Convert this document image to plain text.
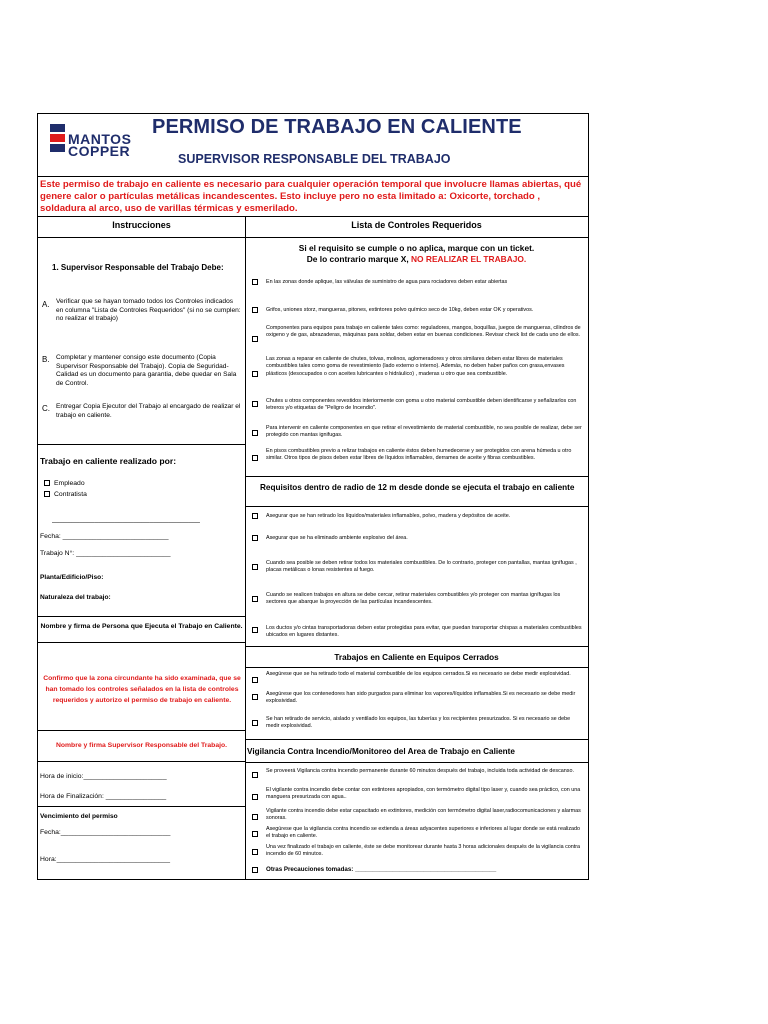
MANTOS
COPPER
PERMISO DE TRABAJO EN CALIENTE
SUPERVISOR RESPONSABLE DEL TRABAJO
Este permiso de trabajo en caliente es necesario para cualquier operación temporal que involucre llamas abiertas, qué genere calor o partículas metálicas incandescentes. Esto incluye pero no esta limitado a: Oxicorte, torchado , soldadura al arco, uso de varillas térmicas y esmerilado.
Instrucciones	Lista de Controles Requeridos
1. Supervisor Responsable del Trabajo Debe:
A. Verificar que se hayan tomado todos los Controles indicados en columna "Lista de Controles Requeridos" (si no se cumplen: no realizar el trabajo)
B. Completar y mantener consigo este documento (Copia Supervisor Responsable del Trabajo). Copia de Seguridad-Calidad es un documento para garantia, debe quedar en Sala de Control.
C. Entregar Copia Ejecutor del Trabajo al encargado de realizar el trabajo en caliente.
Trabajo en caliente realizado por:
Empleado
Contratista
______________________________________
Fecha: ____________________________
Trabajo N°: _________________________
Planta/Edificio/Piso:
Naturaleza del trabajo:
Nombre y firma de Persona que Ejecuta el Trabajo en Caliente.
Confirmo que la zona circundante ha sido examinada, que se han tomado los controles señalados en la lista de controles requeridos y autorizo el permiso de trabajo en caliente.
Nombre y firma Supervisor Responsable del Trabajo.
Hora de inicio:______________________
Hora de Finalización: ________________
Vencimiento del permiso
Fecha:_____________________________
Hora:______________________________
Si el requisito se cumple o no aplica, marque con un ticket.
De lo contrario marque X, NO REALIZAR EL TRABAJO.
En las zonas donde aplique, las válvulas de suministro de agua para rociadores deben estar abiertas
Grifos, uniones storz, mangueras, pitones, extintores polvo químico seco de 10kg, deben estar OK y operativos.
Componentes para equipos para trabajo en caliente tales como: reguladores, mangos, boquillas, juegos de mangueras, cilindros de oxigeno y de gas, abrazaderas, máquinas para soldar, deben estar en buenas condiciones. Revisar check list de cada uno de ellos.
Las zonas a reparar en caliente de chutes, tolvas, molinos, aglomeradores y otros similares deben estar libres de materiales combustibles tales como goma de revestimiento (lado externo o interno). Además, no deben haber paños con grasa,envases plásticos (desocupados o con aceites lubricantes o hidráulico) , maderas u otro que sea combustible.
Chutes u otros componentes revestidos interiormente con goma u otro material combustible deben identificarse y señalizarlos con letreros y/o etiquetas de "Peligro de Incendio".
Para intervenir en caliente componentes en que retirar el revestimiento de material combustible, no sea posible de realizar, debe ser protegido con mantas ignifugas.
En pisos combustibles previo a relizar trabajos en caliente éstos deben humedecerse y ser protegidos con arena húmeda u otro similar. Otros tipos de pisos deben estar libres de líquidos inflamables, derrames de aceite y fibras combustibles.
Requisitos dentro de radio de 12 m desde donde se ejecuta el trabajo en caliente
Asegurar que se han retirado los líquidos/materiales inflamables, polvo, madera y depósitos de aceite.
Asegurar que se ha eliminado ambiente explosivo del área.
Cuando sea posible se deben retirar todos los materiales combustibles. De lo contrario, proteger con pantallas, mantas ignífugas , placas metálicas o lonas resistentes al fuego.
Cuando se realicen trabajos en altura se debe cercar, retirar materiales combustibles y/o proteger con mantas ignífugas los sectores que abarque la proyección de las partículas incandescentes.
Los ductos y/o cintas transportadoras deben estar protegidas para evitar, que puedan transportar chispas a materiales combustibles ubicados en lugares distantes.
Trabajos en Caliente en Equipos Cerrados
Asegúrese que se ha retirado todo el material combustible de los equipos cerrados.Si es necesario se debe medir explosividad.
Asegúrese que los contenedores han sido purgados para eliminar los vapores/líquidos inflamables.Si es necesario se debe medir explosividad.
Se han retirado de servicio, aislado y ventilado los equipos, las tuberías y los recipientes presurizados. Si es necesario se debe medir explosividad.
Vigilancia Contra Incendio/Monitoreo del Area de Trabajo en Caliente
Se proveerá Vigilancia contra incendio permanente durante 60 minutos después del trabajo, incluida toda actividad de descanso.
El vigilante contra incendio debe contar con extintores apropiados, con termómetro digital tipo laser y, cuando sea práctico, con una manguera presurizada con agua..
Vigilante contra incendio debe estar capacitado en extintores, medición con termómetro digital laser,radiocomunicaciones y alarmas sonoras.
Asegúrese que la vigilancia contra incendio se extienda a áreas adyacentes superiores e inferiores al lugar donde se está realizado el trabajo en caliente.
Una vez finalizado el trabajo en caliente, éste se debe monitorear durante hasta 3 horas adicionales después de la vigilancia contra incendio de 60 minutos.
Otras Precauciones tomadas: _________________________________________
